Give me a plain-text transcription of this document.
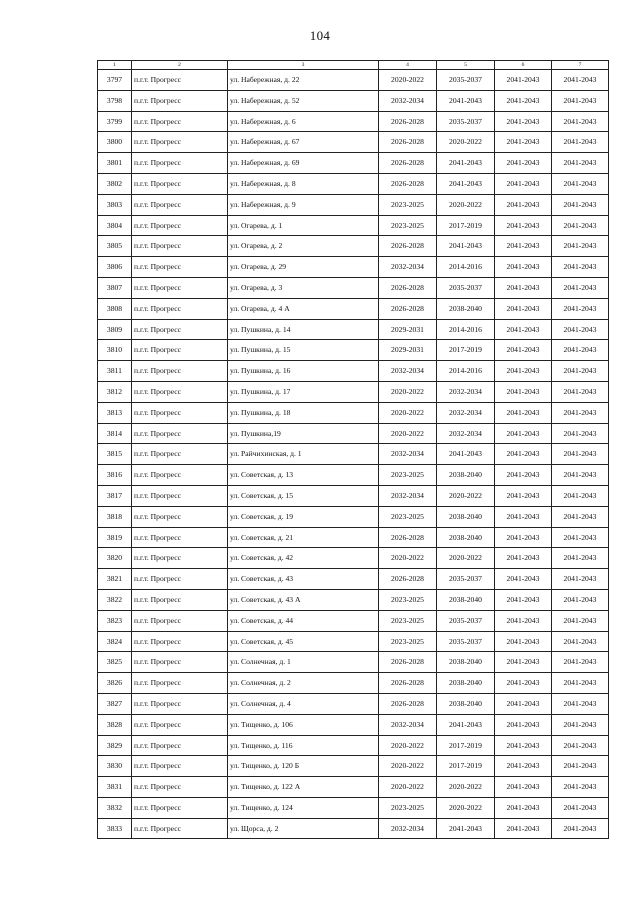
104
1	2	3	4	5	6	7
3797	п.г.т. Прогресс	ул. Набережная, д. 22	2020-2022	2035-2037	2041-2043	2041-2043
3798	п.г.т. Прогресс	ул. Набережная, д. 52	2032-2034	2041-2043	2041-2043	2041-2043
3799	п.г.т. Прогресс	ул. Набережная, д. 6	2026-2028	2035-2037	2041-2043	2041-2043
3800	п.г.т. Прогресс	ул. Набережная, д. 67	2026-2028	2020-2022	2041-2043	2041-2043
3801	п.г.т. Прогресс	ул. Набережная, д. 69	2026-2028	2041-2043	2041-2043	2041-2043
3802	п.г.т. Прогресс	ул. Набережная, д. 8	2026-2028	2041-2043	2041-2043	2041-2043
3803	п.г.т. Прогресс	ул. Набережная, д. 9	2023-2025	2020-2022	2041-2043	2041-2043
3804	п.г.т. Прогресс	ул. Огарева, д. 1	2023-2025	2017-2019	2041-2043	2041-2043
3805	п.г.т. Прогресс	ул. Огарева, д. 2	2026-2028	2041-2043	2041-2043	2041-2043
3806	п.г.т. Прогресс	ул. Огарева, д. 29	2032-2034	2014-2016	2041-2043	2041-2043
3807	п.г.т. Прогресс	ул. Огарева, д. 3	2026-2028	2035-2037	2041-2043	2041-2043
3808	п.г.т. Прогресс	ул. Огарева, д. 4 А	2026-2028	2038-2040	2041-2043	2041-2043
3809	п.г.т. Прогресс	ул. Пушкина, д. 14	2029-2031	2014-2016	2041-2043	2041-2043
3810	п.г.т. Прогресс	ул. Пушкина, д. 15	2029-2031	2017-2019	2041-2043	2041-2043
3811	п.г.т. Прогресс	ул. Пушкина, д. 16	2032-2034	2014-2016	2041-2043	2041-2043
3812	п.г.т. Прогресс	ул. Пушкина, д. 17	2020-2022	2032-2034	2041-2043	2041-2043
3813	п.г.т. Прогресс	ул. Пушкина, д. 18	2020-2022	2032-2034	2041-2043	2041-2043
3814	п.г.т. Прогресс	ул. Пушкина,19	2020-2022	2032-2034	2041-2043	2041-2043
3815	п.г.т. Прогресс	ул. Райчихинская, д. 1	2032-2034	2041-2043	2041-2043	2041-2043
3816	п.г.т. Прогресс	ул. Советская, д. 13	2023-2025	2038-2040	2041-2043	2041-2043
3817	п.г.т. Прогресс	ул. Советская, д. 15	2032-2034	2020-2022	2041-2043	2041-2043
3818	п.г.т. Прогресс	ул. Советская, д. 19	2023-2025	2038-2040	2041-2043	2041-2043
3819	п.г.т. Прогресс	ул. Советская, д. 21	2026-2028	2038-2040	2041-2043	2041-2043
3820	п.г.т. Прогресс	ул. Советская, д. 42	2020-2022	2020-2022	2041-2043	2041-2043
3821	п.г.т. Прогресс	ул. Советская, д. 43	2026-2028	2035-2037	2041-2043	2041-2043
3822	п.г.т. Прогресс	ул. Советская, д. 43 А	2023-2025	2038-2040	2041-2043	2041-2043
3823	п.г.т. Прогресс	ул. Советская, д. 44	2023-2025	2035-2037	2041-2043	2041-2043
3824	п.г.т. Прогресс	ул. Советская, д. 45	2023-2025	2035-2037	2041-2043	2041-2043
3825	п.г.т. Прогресс	ул. Солнечная, д. 1	2026-2028	2038-2040	2041-2043	2041-2043
3826	п.г.т. Прогресс	ул. Солнечная, д. 2	2026-2028	2038-2040	2041-2043	2041-2043
3827	п.г.т. Прогресс	ул. Солнечная, д. 4	2026-2028	2038-2040	2041-2043	2041-2043
3828	п.г.т. Прогресс	ул. Тищенко, д. 106	2032-2034	2041-2043	2041-2043	2041-2043
3829	п.г.т. Прогресс	ул. Тищенко, д. 116	2020-2022	2017-2019	2041-2043	2041-2043
3830	п.г.т. Прогресс	ул. Тищенко, д. 120 Б	2020-2022	2017-2019	2041-2043	2041-2043
3831	п.г.т. Прогресс	ул. Тищенко, д. 122 А	2020-2022	2020-2022	2041-2043	2041-2043
3832	п.г.т. Прогресс	ул. Тищенко, д. 124	2023-2025	2020-2022	2041-2043	2041-2043
3833	п.г.т. Прогресс	ул. Щорса, д. 2	2032-2034	2041-2043	2041-2043	2041-2043
